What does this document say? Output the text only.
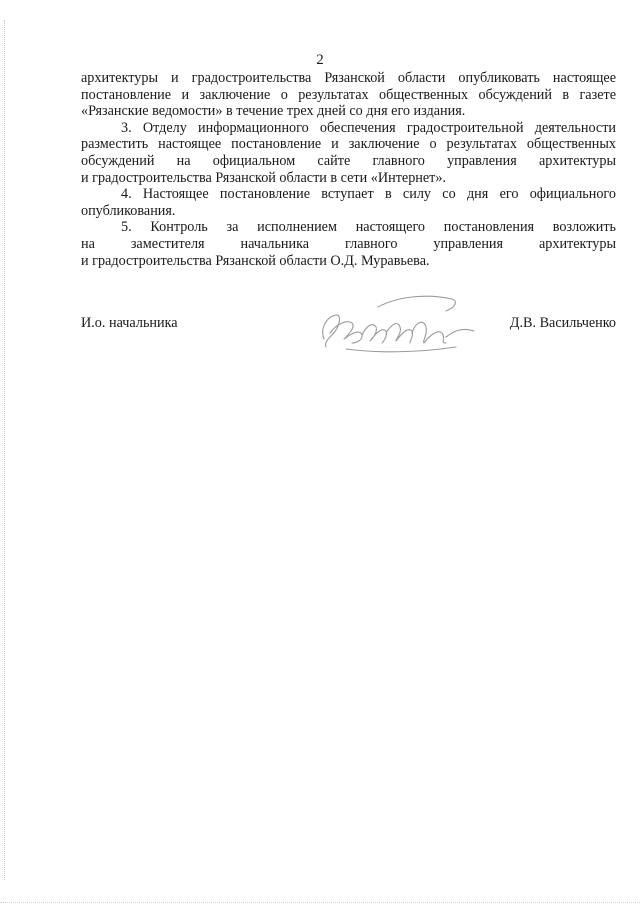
2

архитектуры и градостроительства Рязанской области опубликовать настоящее
постановление и заключение о результатах общественных обсуждений в газете
«Рязанские ведомости» в течение трех дней со дня его издания.

3. Отделу информационного обеспечения градостроительной деятельности
разместить настоящее постановление и заключение о результатах общественных
обсуждений на официальном сайте главного управления архитектуры
и градостроительства Рязанской области в сети «Интернет».

4. Настоящее постановление вступает в силу со дня его официального
опубликования.

5. Контроль за исполнением настоящего постановления возложить
на заместителя начальника главного управления архитектуры
и градостроительства Рязанской области О.Д. Муравьева.

И.о. начальника	Д.В. Васильченко
